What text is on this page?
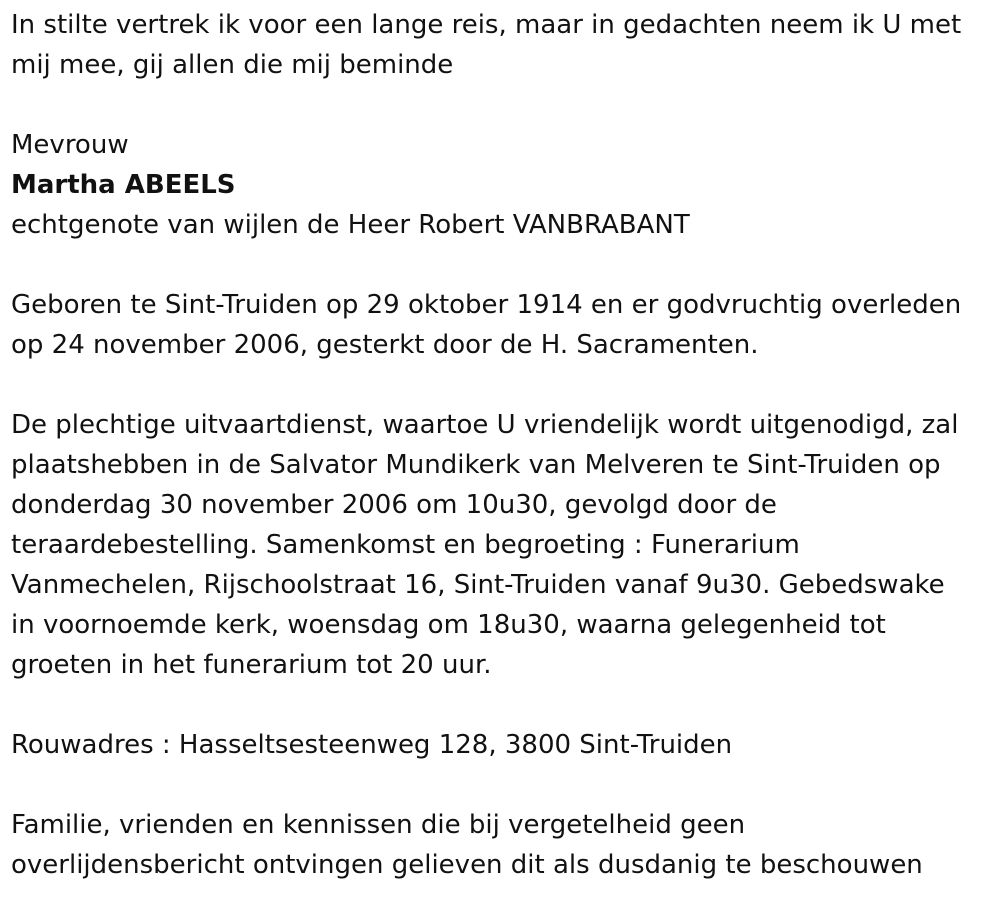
In stilte vertrek ik voor een lange reis, maar in gedachten neem ik U met
mij mee, gij allen die mij beminde

Mevrouw
Martha ABEELS
echtgenote van wijlen de Heer Robert VANBRABANT

Geboren te Sint-Truiden op 29 oktober 1914 en er godvruchtig overleden
op 24 november 2006, gesterkt door de H. Sacramenten.

De plechtige uitvaartdienst, waartoe U vriendelijk wordt uitgenodigd, zal
plaatshebben in de Salvator Mundikerk van Melveren te Sint-Truiden op
donderdag 30 november 2006 om 10u30, gevolgd door de
teraardebestelling. Samenkomst en begroeting : Funerarium
Vanmechelen, Rijschoolstraat 16, Sint-Truiden vanaf 9u30. Gebedswake
in voornoemde kerk, woensdag om 18u30, waarna gelegenheid tot
groeten in het funerarium tot 20 uur.

Rouwadres : Hasseltsesteenweg 128, 3800 Sint-Truiden

Familie, vrienden en kennissen die bij vergetelheid geen
overlijdensbericht ontvingen gelieven dit als dusdanig te beschouwen
